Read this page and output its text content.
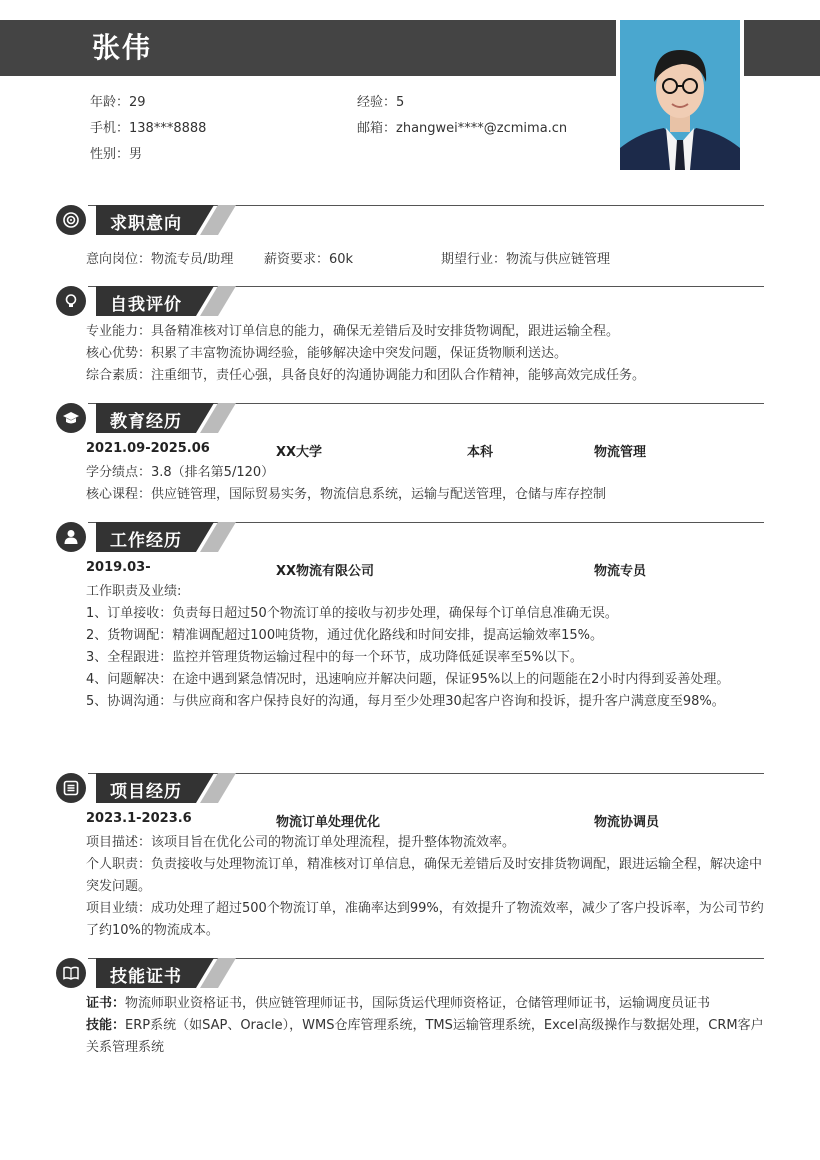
张伟
年龄：29	经验：5
手机：138***8888	邮箱：zhangwei****@zcmima.cn
性别：男
求职意向
意向岗位：物流专员/助理 薪资要求：60k	期望行业：物流与供应链管理
自我评价

专业能力：具备精准核对订单信息的能力，确保无差错后及时安排货物调配，跟进运输全程。

核心优势：积累了丰富物流协调经验，能够解决途中突发问题，保证货物顺利送达。

综合素质：注重细节，责任心强，具备良好的沟通协调能力和团队合作精神，能够高效完成任务。

教育经历
2021.09-2025.06	XX大学	本科	物流管理

学分绩点：3.8（排名第5/120）

核心课程：供应链管理，国际贸易实务，物流信息系统，运输与配送管理，仓储与库存控制

工作经历
2019.03-	XX物流有限公司	物流专员

工作职责及业绩:

1、订单接收：负责每日超过50个物流订单的接收与初步处理，确保每个订单信息准确无误。

2、货物调配：精准调配超过100吨货物，通过优化路线和时间安排，提高运输效率15%。

3、全程跟进：监控并管理货物运输过程中的每一个环节，成功降低延误率至5%以下。

4、问题解决：在途中遇到紧急情况时，迅速响应并解决问题，保证95%以上的问题能在2小时内得到妥善处理。

5、协调沟通：与供应商和客户保持良好的沟通，每月至少处理30起客户咨询和投诉，提升客户满意度至98%。

项目经历
2023.1-2023.6	物流订单处理优化	物流协调员

项目描述：该项目旨在优化公司的物流订单处理流程，提升整体物流效率。

个人职责：负责接收与处理物流订单，精准核对订单信息，确保无差错后及时安排货物调配，跟进运输全程，解决途中突发问题。

项目业绩：成功处理了超过500个物流订单，准确率达到99%，有效提升了物流效率，减少了客户投诉率，为公司节约了约10%的物流成本。

技能证书

证书：物流师职业资格证书，供应链管理师证书，国际货运代理师资格证，仓储管理师证书，运输调度员证书

技能：ERP系统（如SAP、Oracle），WMS仓库管理系统，TMS运输管理系统，Excel高级操作与数据处理，CRM客户关系管理系统
